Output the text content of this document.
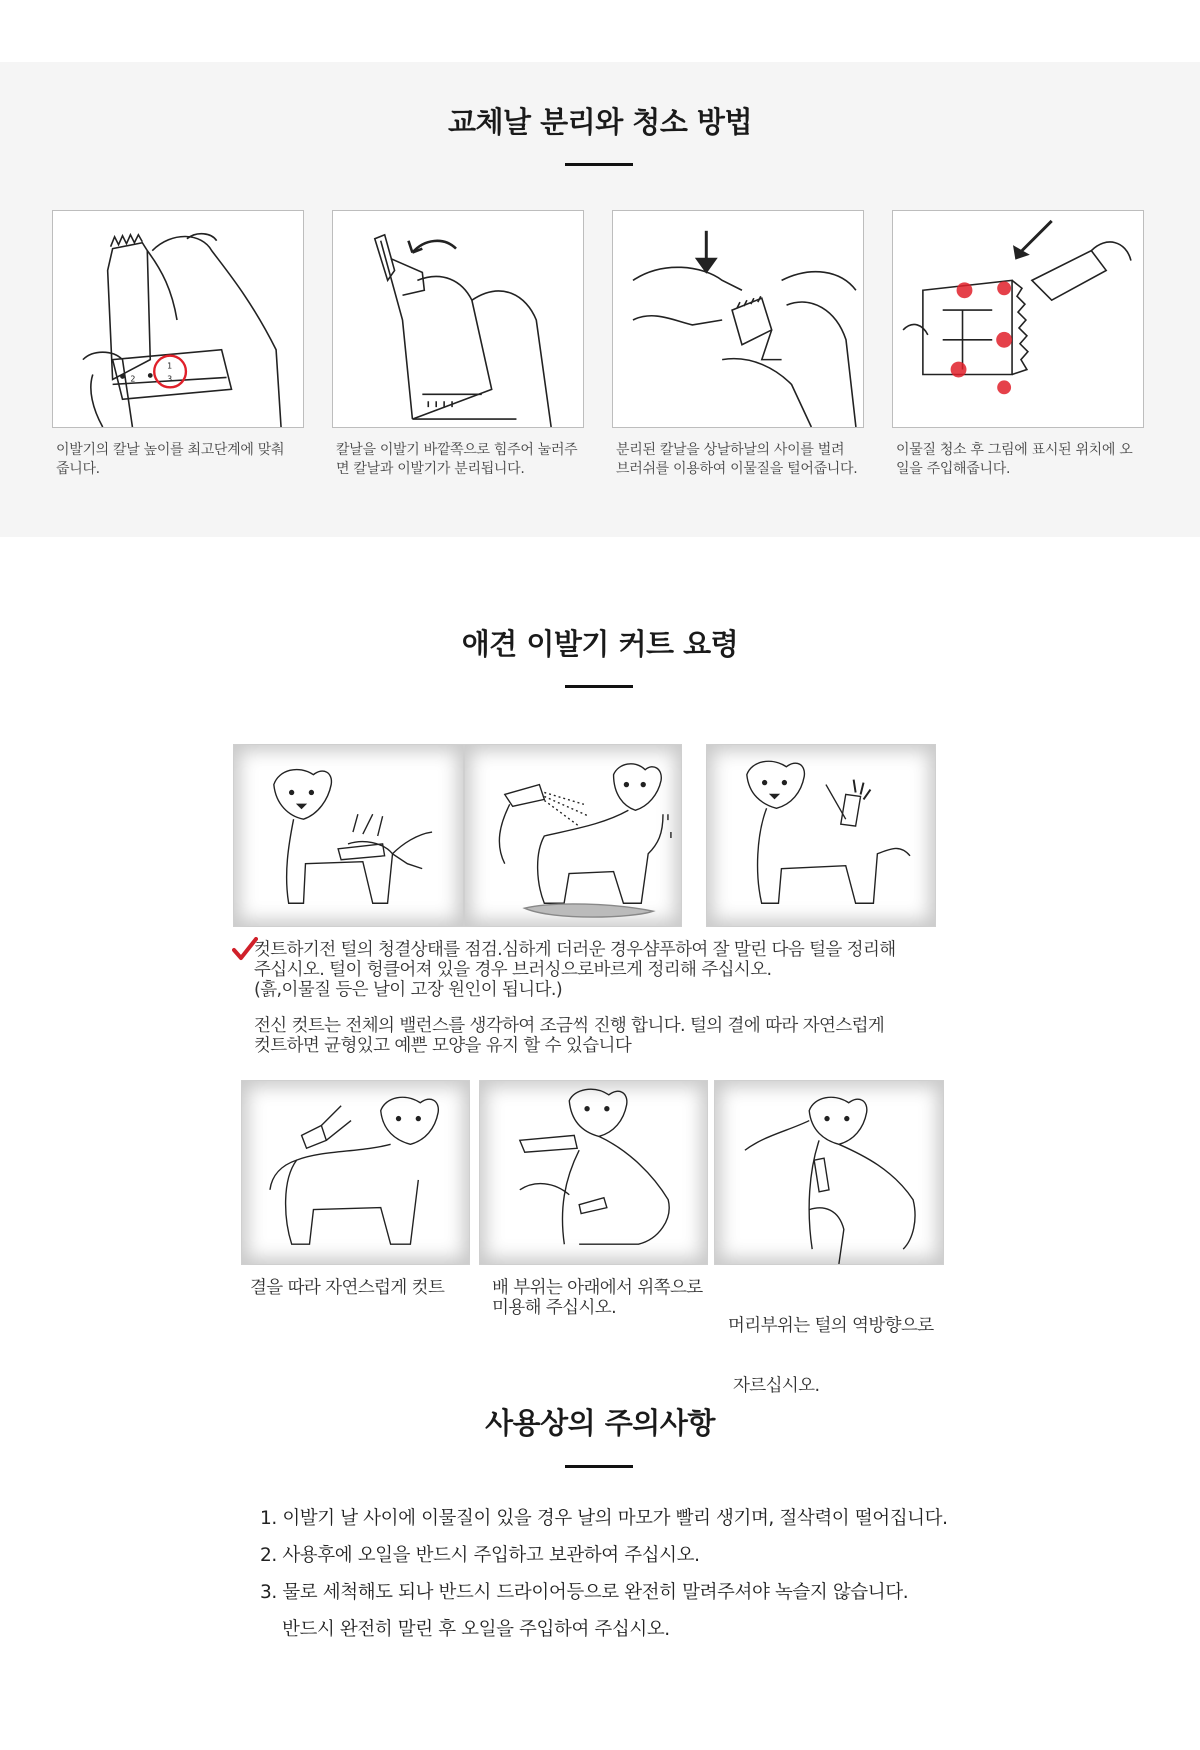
교체날 분리와 청소 방법
2
1
3

이발기의 칼날 높이를 최고단계에 맞춰 줍니다.

칼날을 이발기 바깥쪽으로 힘주어 눌러주면 칼날과 이발기가 분리됩니다.

분리된 칼날을 상날하날의 사이를 벌려 브러쉬를 이용하여 이물질을 털어줍니다.

이물질 청소 후 그림에 표시된 위치에 오일을 주입해줍니다.

애견 이발기 커트 요령
컷트하기전 털의 청결상태를 점검.심하게 더러운 경우샴푸하여 잘 말린 다음 털을 정리해
주십시오. 털이 헝클어져 있을 경우 브러싱으로바르게 정리해 주십시오.
(흙,이물질 등은 날이 고장 원인이 됩니다.)
전신 컷트는 전체의 밸런스를 생각하여 조금씩 진행 합니다. 털의 결에 따라 자연스럽게
컷트하면 균형있고 예쁜 모양을 유지 할 수 있습니다
결을 따라 자연스럽게 컷트	배 부위는 아래에서 위쪽으로
미용해 주십시오.

머리부위는 털의 역방향으로

자르십시오.

사용상의 주의사항
1. 이발기 날 사이에 이물질이 있을 경우 날의 마모가 빨리 생기며, 절삭력이 떨어집니다.
2. 사용후에 오일을 반드시 주입하고 보관하여 주십시오.
3. 물로 세척해도 되나 반드시 드라이어등으로 완전히 말려주셔야 녹슬지 않습니다.
반드시 완전히 말린 후 오일을 주입하여 주십시오.
